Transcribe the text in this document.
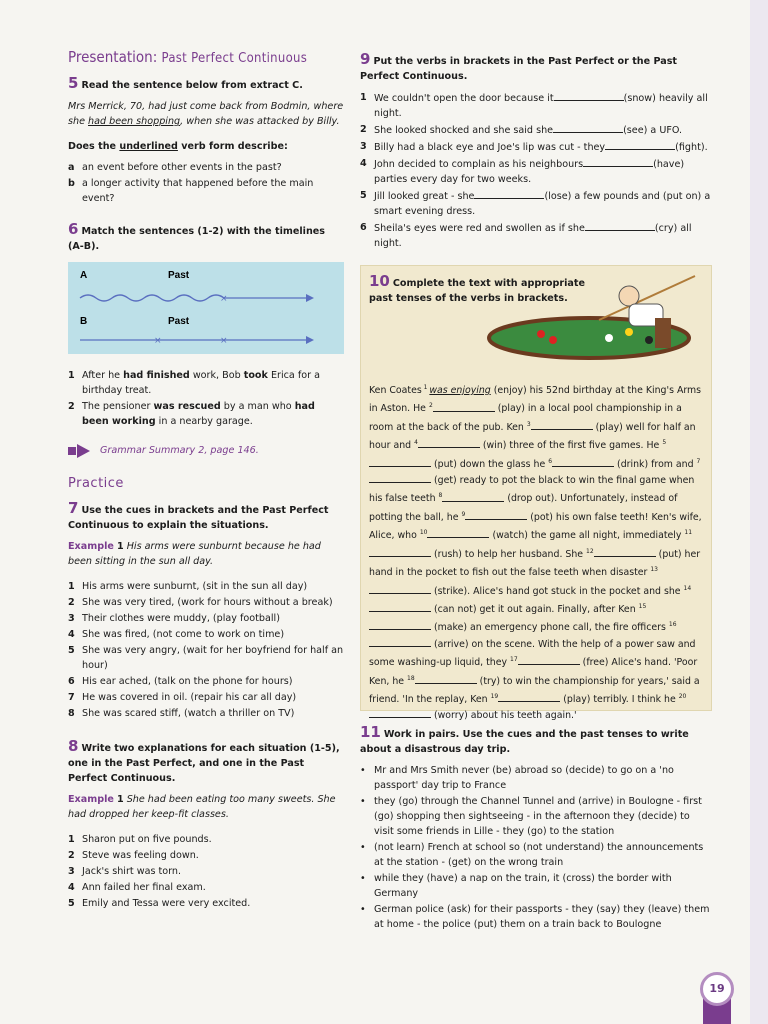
Presentation: Past Perfect Continuous
5 Read the sentence below from extract C.
Mrs Merrick, 70, had just come back from Bodmin, where she had been shopping, when she was attacked by Billy.
Does the underlined verb form describe:
a an event before other events in the past?
b a longer activity that happened before the main event?
6 Match the sentences (1-2) with the timelines (A-B).
A	Past
×
B	Past
×	×
1 After he had finished work, Bob took Erica for a birthday treat.
2 The pensioner was rescued by a man who had been working in a nearby garage.
Grammar Summary 2, page 146.
Practice
7 Use the cues in brackets and the Past Perfect Continuous to explain the situations.
Example 1 His arms were sunburnt because he had been sitting in the sun all day.
1 His arms were sunburnt, (sit in the sun all day)
2 She was very tired, (work for hours without a break)
3 Their clothes were muddy, (play football)
4 She was fired, (not come to work on time)
5 She was very angry, (wait for her boyfriend for half an hour)
6 His ear ached, (talk on the phone for hours)
7 He was covered in oil. (repair his car all day)
8 She was scared stiff, (watch a thriller on TV)
8 Write two explanations for each situation (1-5), one in the Past Perfect, and one in the Past Perfect Continuous.
Example 1 She had been eating too many sweets. She had dropped her keep-fit classes.
1 Sharon put on five pounds.
2 Steve was feeling down.
3 Jack's shirt was torn.
4 Ann failed her final exam.
5 Emily and Tessa were very excited.
9 Put the verbs in brackets in the Past Perfect or the Past Perfect Continuous.
1 We couldn't open the door because it	(snow) heavily all night.
2 She looked shocked and she said she	(see) a UFO.
3 Billy had a black eye and Joe's lip was cut - they	(fight).
4 John decided to complain as his neighbours	(have) parties every day for two weeks.
5 Jill looked great - she	(lose) a few pounds and (put on) a smart evening dress.
6 Sheila's eyes were red and swollen as if she	(cry) all night.
10 Complete the text with appropriate past tenses of the verbs in brackets.
Ken Coates $^1$ was enjoying (enjoy) his 52nd birthday at the King's Arms in Aston. He $^2$	(play) in a local pool championship in a room at the back of the pub. Ken $^3$	(play) well for half an hour and $^4$	(win) three of the first five games. He $^5$ (put) down the glass he $^6$	(drink) from and $^7$ (get) ready to pot the black to win the final game when his false teeth $^8$	(drop out). Unfortunately, instead of potting the ball, he $^9$	(pot) his own false teeth! Ken's wife, Alice, who $^{10}$	(watch) the game all night, immediately $^{11}$ (rush) to help her husband. She $^{12}$	(put) her hand in the pocket to fish out the false teeth when disaster $^{13}$ (strike). Alice's hand got stuck in the pocket and she $^{14}$ (can not) get it out again. Finally, after Ken $^{15}$ (make) an emergency phone call, the fire officers $^{16}$ (arrive) on the scene. With the help of a power saw and some washing-up liquid, they $^{17}$	(free) Alice's hand. 'Poor Ken, he $^{18}$	(try) to win the championship for years,' said a friend. 'In the replay, Ken $^{19}$	(play) terribly. I think he $^{20}$ (worry) about his teeth again.'
11 Work in pairs. Use the cues and the past tenses to write about a disastrous day trip.
• Mr and Mrs Smith never (be) abroad so (decide) to go on a 'no passport' day trip to France
• they (go) through the Channel Tunnel and (arrive) in Boulogne - first (go) shopping then sightseeing - in the afternoon they (decide) to visit some friends in Lille - they (go) to the station
• (not learn) French at school so (not understand) the announcements at the station - (get) on the wrong train
• while they (have) a nap on the train, it (cross) the border with Germany
• German police (ask) for their passports - they (say) they (leave) them at home - the police (put) them on a train back to Boulogne
19
